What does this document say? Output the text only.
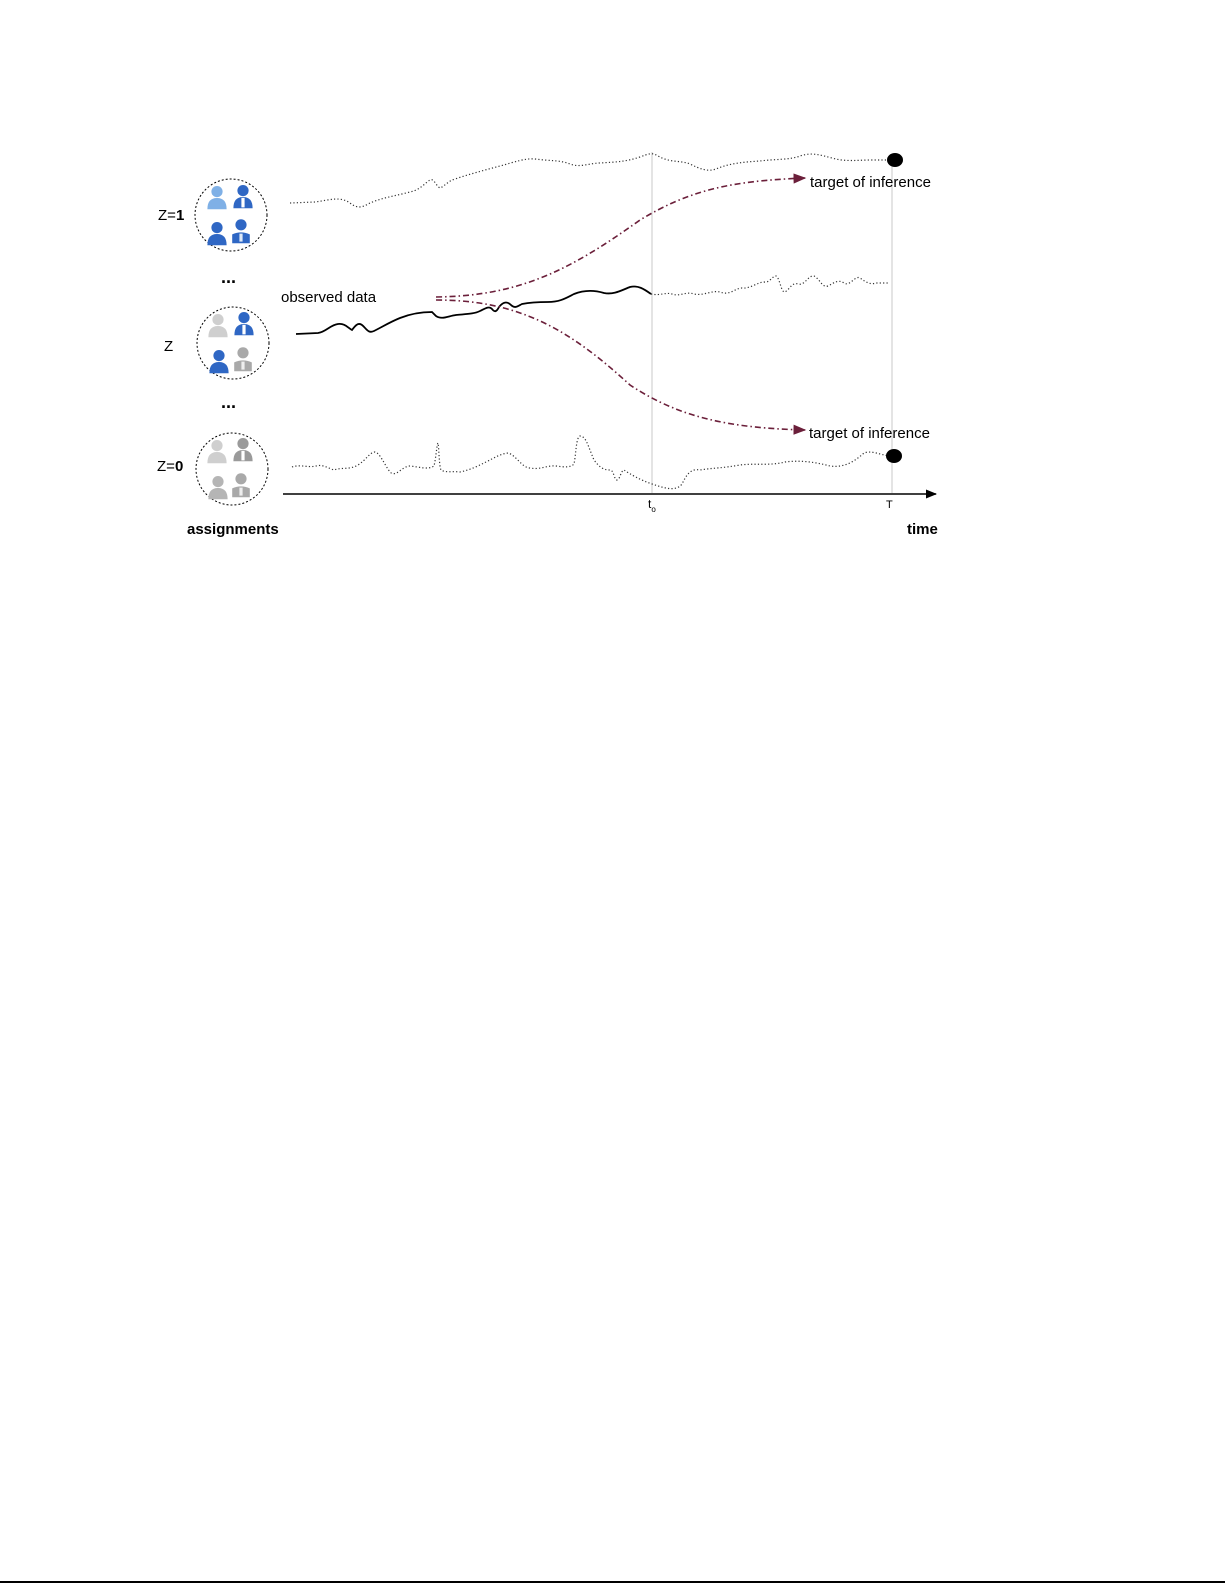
Z=1
Z
Z=0
...
...
assignments
$t_o$	T
time
observed data
target of inference
target of inference
